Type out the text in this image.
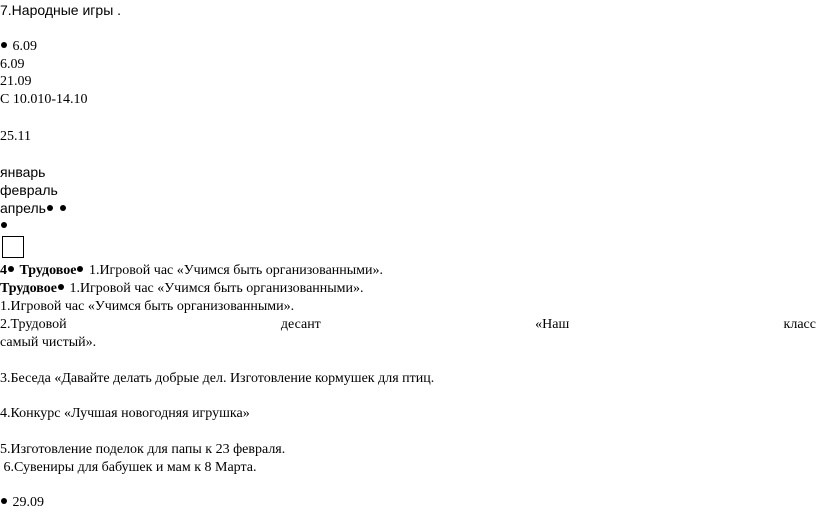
7.Народные игры .
6.09
6.09
21.09
С 10.010-14.10
25.11
январь
февраль
апрель
4 Трудовое 1.Игровой час «Учимся быть организованными».
Трудовое 1.Игровой час «Учимся быть организованными».
1.Игровой час «Учимся быть организованными».
2.Трудовой	десант	«Наш	класс
самый чистый».
3.Беседа «Давайте делать добрые дел. Изготовление кормушек для птиц.
4.Конкурс «Лучшая новогодняя игрушка»
5.Изготовление поделок для папы к 23 февраля.
6.Сувениры для бабушек и мам к 8 Марта.
29.09
